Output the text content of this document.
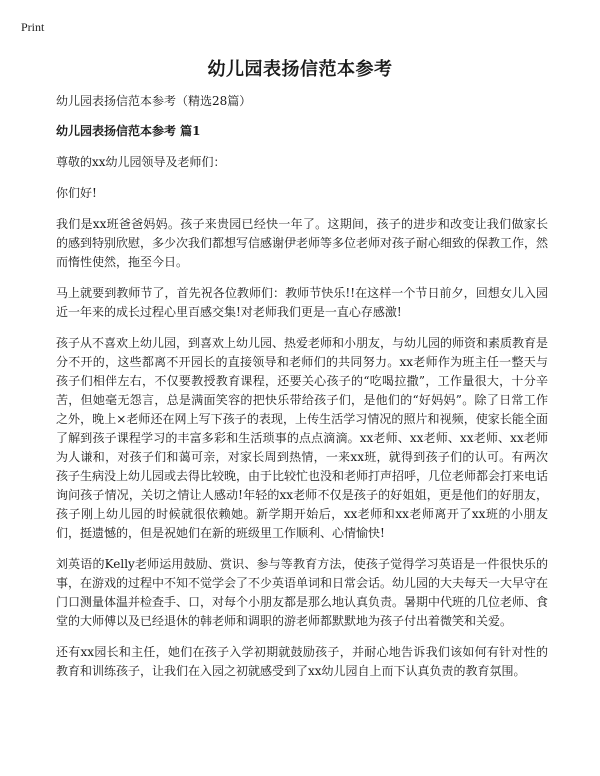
Print
幼儿园表扬信范本参考

幼儿园表扬信范本参考（精选28篇）

幼儿园表扬信范本参考 篇1

尊敬的xx幼儿园领导及老师们：

你们好!

我们是xx班爸爸妈妈。孩子来贵园已经快一年了。这期间，孩子的进步和改变让我们做家长的感到特别欣慰，多少次我们都想写信感谢伊老师等多位老师对孩子耐心细致的保教工作，然而惰性使然，拖至今日。

马上就要到教师节了，首先祝各位教师们：教师节快乐!!在这样一个节日前夕，回想女儿入园近一年来的成长过程心里百感交集!对老师我们更是一直心存感激!

孩子从不喜欢上幼儿园，到喜欢上幼儿园、热爱老师和小朋友，与幼儿园的师资和素质教育是分不开的，这些都离不开园长的直接领导和老师们的共同努力。xx老师作为班主任一整天与孩子们相伴左右，不仅要教授教育课程，还要关心孩子的“吃喝拉撒”，工作量很大，十分辛苦，但她毫无怨言，总是满面笑容的把快乐带给孩子们，是他们的“好妈妈”。除了日常工作之外，晚上×老师还在网上写下孩子的表现，上传生活学习情况的照片和视频，使家长能全面了解到孩子课程学习的丰富多彩和生活琐事的点点滴滴。xx老师、xx老师、xx老师、xx老师为人谦和，对孩子们和蔼可亲，对家长周到热情，一来xx班，就得到孩子们的认可。有两次孩子生病没上幼儿园或去得比较晚，由于比较忙也没和老师打声招呼，几位老师都会打来电话询问孩子情况，关切之情让人感动!年轻的xx老师不仅是孩子的好姐姐，更是他们的好朋友，孩子刚上幼儿园的时候就很依赖她。新学期开始后，xx老师和xx老师离开了xx班的小朋友们，挺遗憾的，但是祝她们在新的班级里工作顺利、心情愉快!

刘英语的Kelly老师运用鼓励、赏识、参与等教育方法，使孩子觉得学习英语是一件很快乐的事，在游戏的过程中不知不觉学会了不少英语单词和日常会话。幼儿园的大夫每天一大早守在门口测量体温并检查手、口，对每个小朋友都是那么地认真负责。暑期中代班的几位老师、食堂的大师傅以及已经退休的韩老师和调职的游老师都默默地为孩子付出着微笑和关爱。

还有xx园长和主任，她们在孩子入学初期就鼓励孩子，并耐心地告诉我们该如何有针对性的教育和训练孩子，让我们在入园之初就感受到了xx幼儿园自上而下认真负责的教育氛围。
